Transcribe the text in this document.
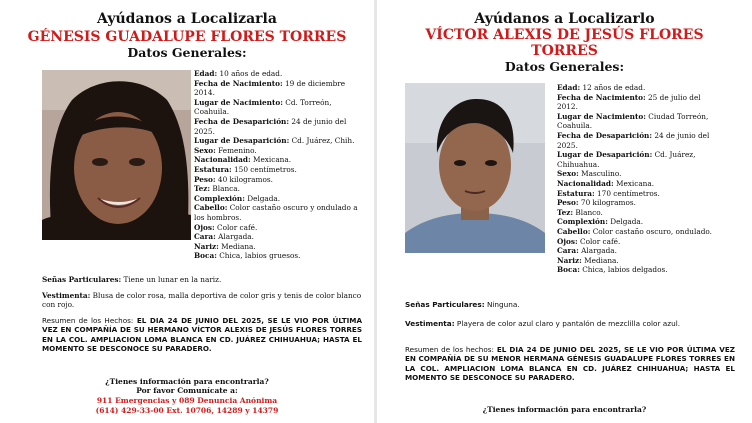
Ayúdanos a Localizarla
GÉNESIS GUADALUPE FLORES TORRES
Datos Generales:
Edad: 10 años de edad.
Fecha de Nacimiento: 19 de diciembre
2014.
Lugar de Nacimiento: Cd. Torreón,
Coahuila.
Fecha de Desaparición: 24 de junio del
2025.
Lugar de Desaparición: Cd. Juárez, Chih.
Sexo: Femenino.
Nacionalidad: Mexicana.
Estatura: 150 centímetros.
Peso: 40 kilogramos.
Tez: Blanca.
Complexión: Delgada.
Cabello: Color castaño oscuro y ondulado a
los hombros.
Ojos: Color café.
Cara: Alargada.
Nariz: Mediana.
Boca: Chica, labios gruesos.
Señas Particulares: Tiene un lunar en la nariz.
Vestimenta: Blusa de color rosa, malla deportiva de color gris y tenis de color blanco con rojo.
Resumen de los Hechos: EL DIA 24 DE JUNIO DEL 2025, SE LE VIO POR ÚLTIMA VEZ EN COMPAÑÍA DE SU HERMANO VÍCTOR ALEXIS DE JESÚS FLORES TORRES EN LA COL. AMPLIACION LOMA BLANCA EN CD. JUÁREZ CHIHUAHUA; HASTA EL MOMENTO SE DESCONOCE SU PARADERO.
¿Tienes información para encontrarla?
Por favor Comunícate a:
911 Emergencias y 089 Denuncia Anónima
(614) 429-33-00 Ext. 10706, 14289 y 14379
Ayúdanos a Localizarlo
VÍCTOR ALEXIS DE JESÚS FLORES
TORRES
Datos Generales:
Edad: 12 años de edad.
Fecha de Nacimiento: 25 de julio del
2012.
Lugar de Nacimiento: Ciudad Torreón,
Coahuila.
Fecha de Desaparición: 24 de junio del
2025.
Lugar de Desaparición: Cd. Juárez,
Chihuahua.
Sexo: Masculino.
Nacionalidad: Mexicana.
Estatura: 170 centímetros.
Peso: 70 kilogramos.
Tez: Blanco.
Complexión: Delgada.
Cabello: Color castaño oscuro, ondulado.
Ojos: Color café.
Cara: Alargada.
Nariz: Mediana.
Boca: Chica, labios delgados.
Señas Particulares: Ninguna.
Vestimenta: Playera de color azul claro y pantalón de mezclilla color azul.
Resumen de los hechos: EL DIA 24 DE JUNIO DEL 2025, SE LE VIO POR ÚLTIMA VEZ EN COMPAÑÍA DE SU MENOR HERMANA GÉNESIS GUADALUPE FLORES TORRES EN LA COL. AMPLIACION LOMA BLANCA EN CD. JUÁREZ CHIHUAHUA; HASTA EL MOMENTO SE DESCONOCE SU PARADERO.
¿Tienes información para encontrarla?
